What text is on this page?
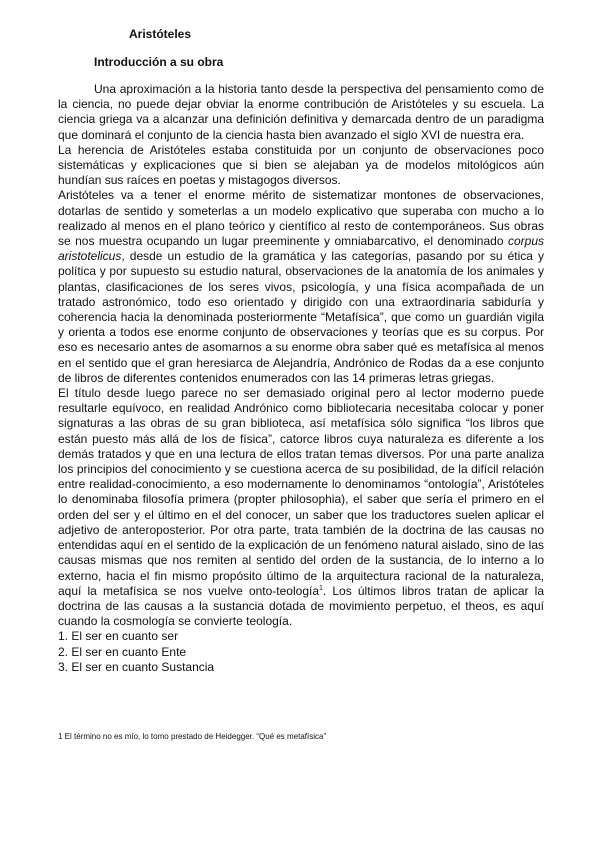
Aristóteles
Introducción a su obra

Una aproximación a la historia tanto desde la perspectiva del pensamiento como de la ciencia, no puede dejar obviar la enorme contribución de Aristóteles y su escuela. La ciencia griega va a alcanzar una definición definitiva y demarcada dentro de un paradigma que dominará el conjunto de la ciencia hasta bien avanzado el siglo XVI de nuestra era.

La herencia de Aristóteles estaba constituida por un conjunto de observaciones poco sistemáticas y explicaciones que si bien se alejaban ya de modelos mitológicos aún hundían sus raíces en poetas y mistagogos diversos.

Aristóteles va a tener el enorme mérito de sistematizar montones de observaciones, dotarlas de sentido y someterlas a un modelo explicativo que superaba con mucho a lo realizado al menos en el plano teórico y científico al resto de contemporáneos. Sus obras se nos muestra ocupando un lugar preeminente y omniabarcativo, el denominado corpus aristotelicus, desde un estudio de la gramática y las categorías, pasando por su ética y política y por supuesto su estudio natural, observaciones de la anatomía de los animales y plantas, clasificaciones de los seres vivos, psicología, y una física acompañada de un tratado astronómico, todo eso orientado y dirigido con una extraordinaria sabiduría y coherencia hacia la denominada posteriormente “Metafísica”, que como un guardián vigila y orienta a todos ese enorme conjunto de observaciones y teorías que es su corpus. Por eso es necesario antes de asomarnos a su enorme obra saber qué es metafísica al menos en el sentido que el gran heresiarca de Alejandría, Andrónico de Rodas da a ese conjunto de libros de diferentes contenidos enumerados con las 14 primeras letras griegas.

El título desde luego parece no ser demasiado original pero al lector moderno puede resultarle equívoco, en realidad Andrónico como bibliotecaria necesitaba colocar y poner signaturas a las obras de su gran biblioteca, así metafísica sólo significa “los libros que están puesto más allá de los de física”, catorce libros cuya naturaleza es diferente a los demás tratados y que en una lectura de ellos tratan temas diversos. Por una parte analiza los principios del conocimiento y se cuestiona acerca de su posibilidad, de la difícil relación entre realidad-conocimiento, a eso modernamente lo denominamos “ontología”, Aristóteles lo denominaba filosofía primera (propter philosophia), el saber que sería el primero en el orden del ser y el último en el del conocer, un saber que los traductores suelen aplicar el adjetivo de anteroposterior. Por otra parte, trata también de la doctrina de las causas no entendidas aquí en el sentido de la explicación de un fenómeno natural aislado, sino de las causas mismas que nos remiten al sentido del orden de la sustancia, de lo interno a lo externo, hacia el fin mismo propósito último de la arquitectura racional de la naturaleza, aquí la metafísica se nos vuelve onto-teología$^1$. Los últimos libros tratan de aplicar la doctrina de las causas a la sustancia dotada de movimiento perpetuo, el theos, es aquí cuando la cosmología se convierte teología.

1. El ser en cuanto ser
2. El ser en cuanto Ente
3. El ser en cuanto Sustancia

1 El término no es mío, lo tomo prestado de Heidegger. “Qué es metafísica”
